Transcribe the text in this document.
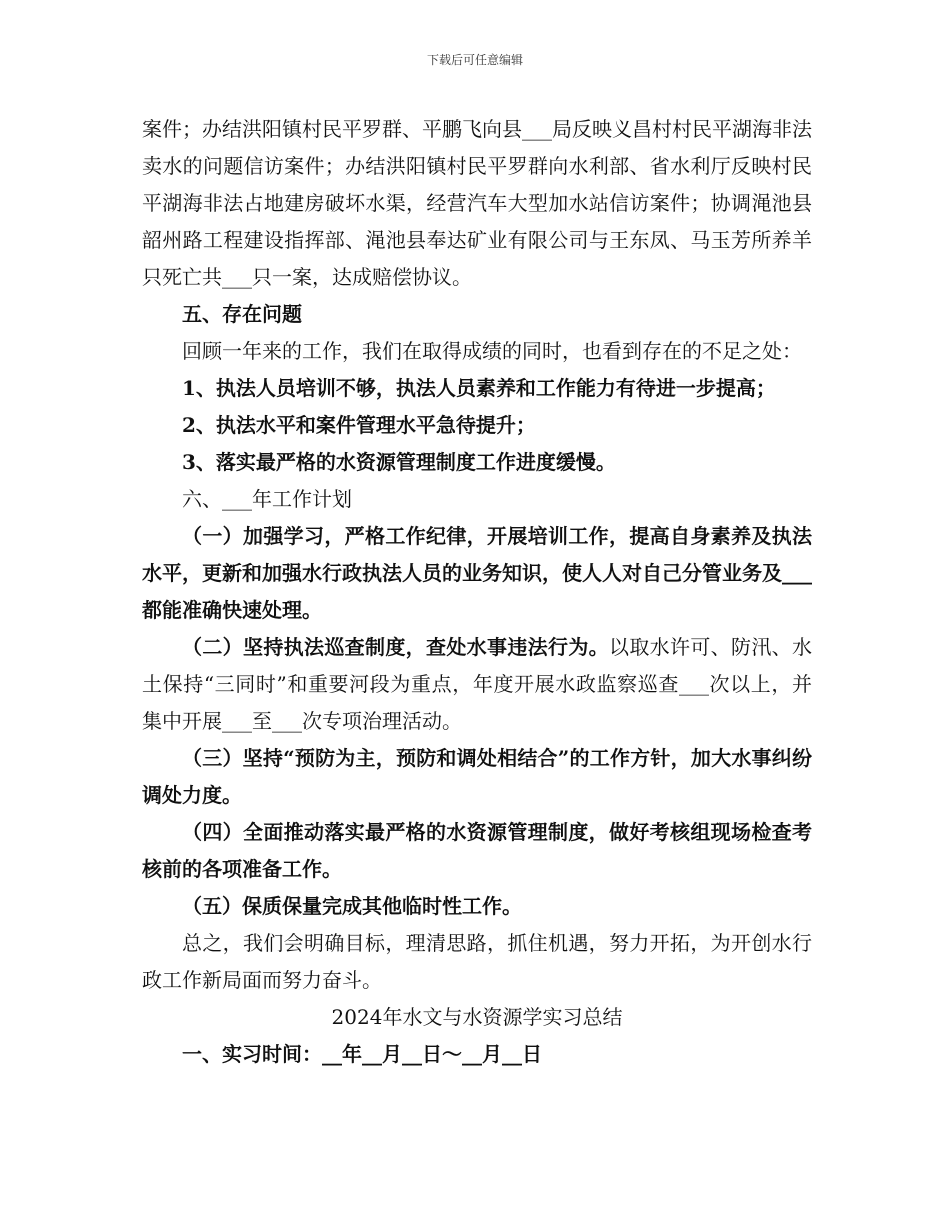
下载后可任意编辑

案件；办结洪阳镇村民平罗群、平鹏飞向县___局反映义昌村村民平湖海非法卖水的问题信访案件；办结洪阳镇村民平罗群向水利部、省水利厅反映村民平湖海非法占地建房破坏水渠，经营汽车大型加水站信访案件；协调渑池县韶州路工程建设指挥部、渑池县奉达矿业有限公司与王东凤、马玉芳所养羊只死亡共___只一案，达成赔偿协议。

五、存在问题

回顾一年来的工作，我们在取得成绩的同时，也看到存在的不足之处：

1、执法人员培训不够，执法人员素养和工作能力有待进一步提高；

2、执法水平和案件管理水平急待提升；

3、落实最严格的水资源管理制度工作进度缓慢。

六、___年工作计划

（一）加强学习，严格工作纪律，开展培训工作，提高自身素养及执法水平，更新和加强水行政执法人员的业务知识，使人人对自己分管业务及___都能准确快速处理。

（二）坚持执法巡查制度，查处水事违法行为。以取水许可、防汛、水土保持“三同时”和重要河段为重点，年度开展水政监察巡查___次以上，并集中开展___至___次专项治理活动。

（三）坚持“预防为主，预防和调处相结合”的工作方针，加大水事纠纷调处力度。

（四）全面推动落实最严格的水资源管理制度，做好考核组现场检查考核前的各项准备工作。

（五）保质保量完成其他临时性工作。

总之，我们会明确目标，理清思路，抓住机遇，努力开拓，为开创水行政工作新局面而努力奋斗。

2024年水文与水资源学实习总结

一、实习时间：__年__月__日～__月__日
